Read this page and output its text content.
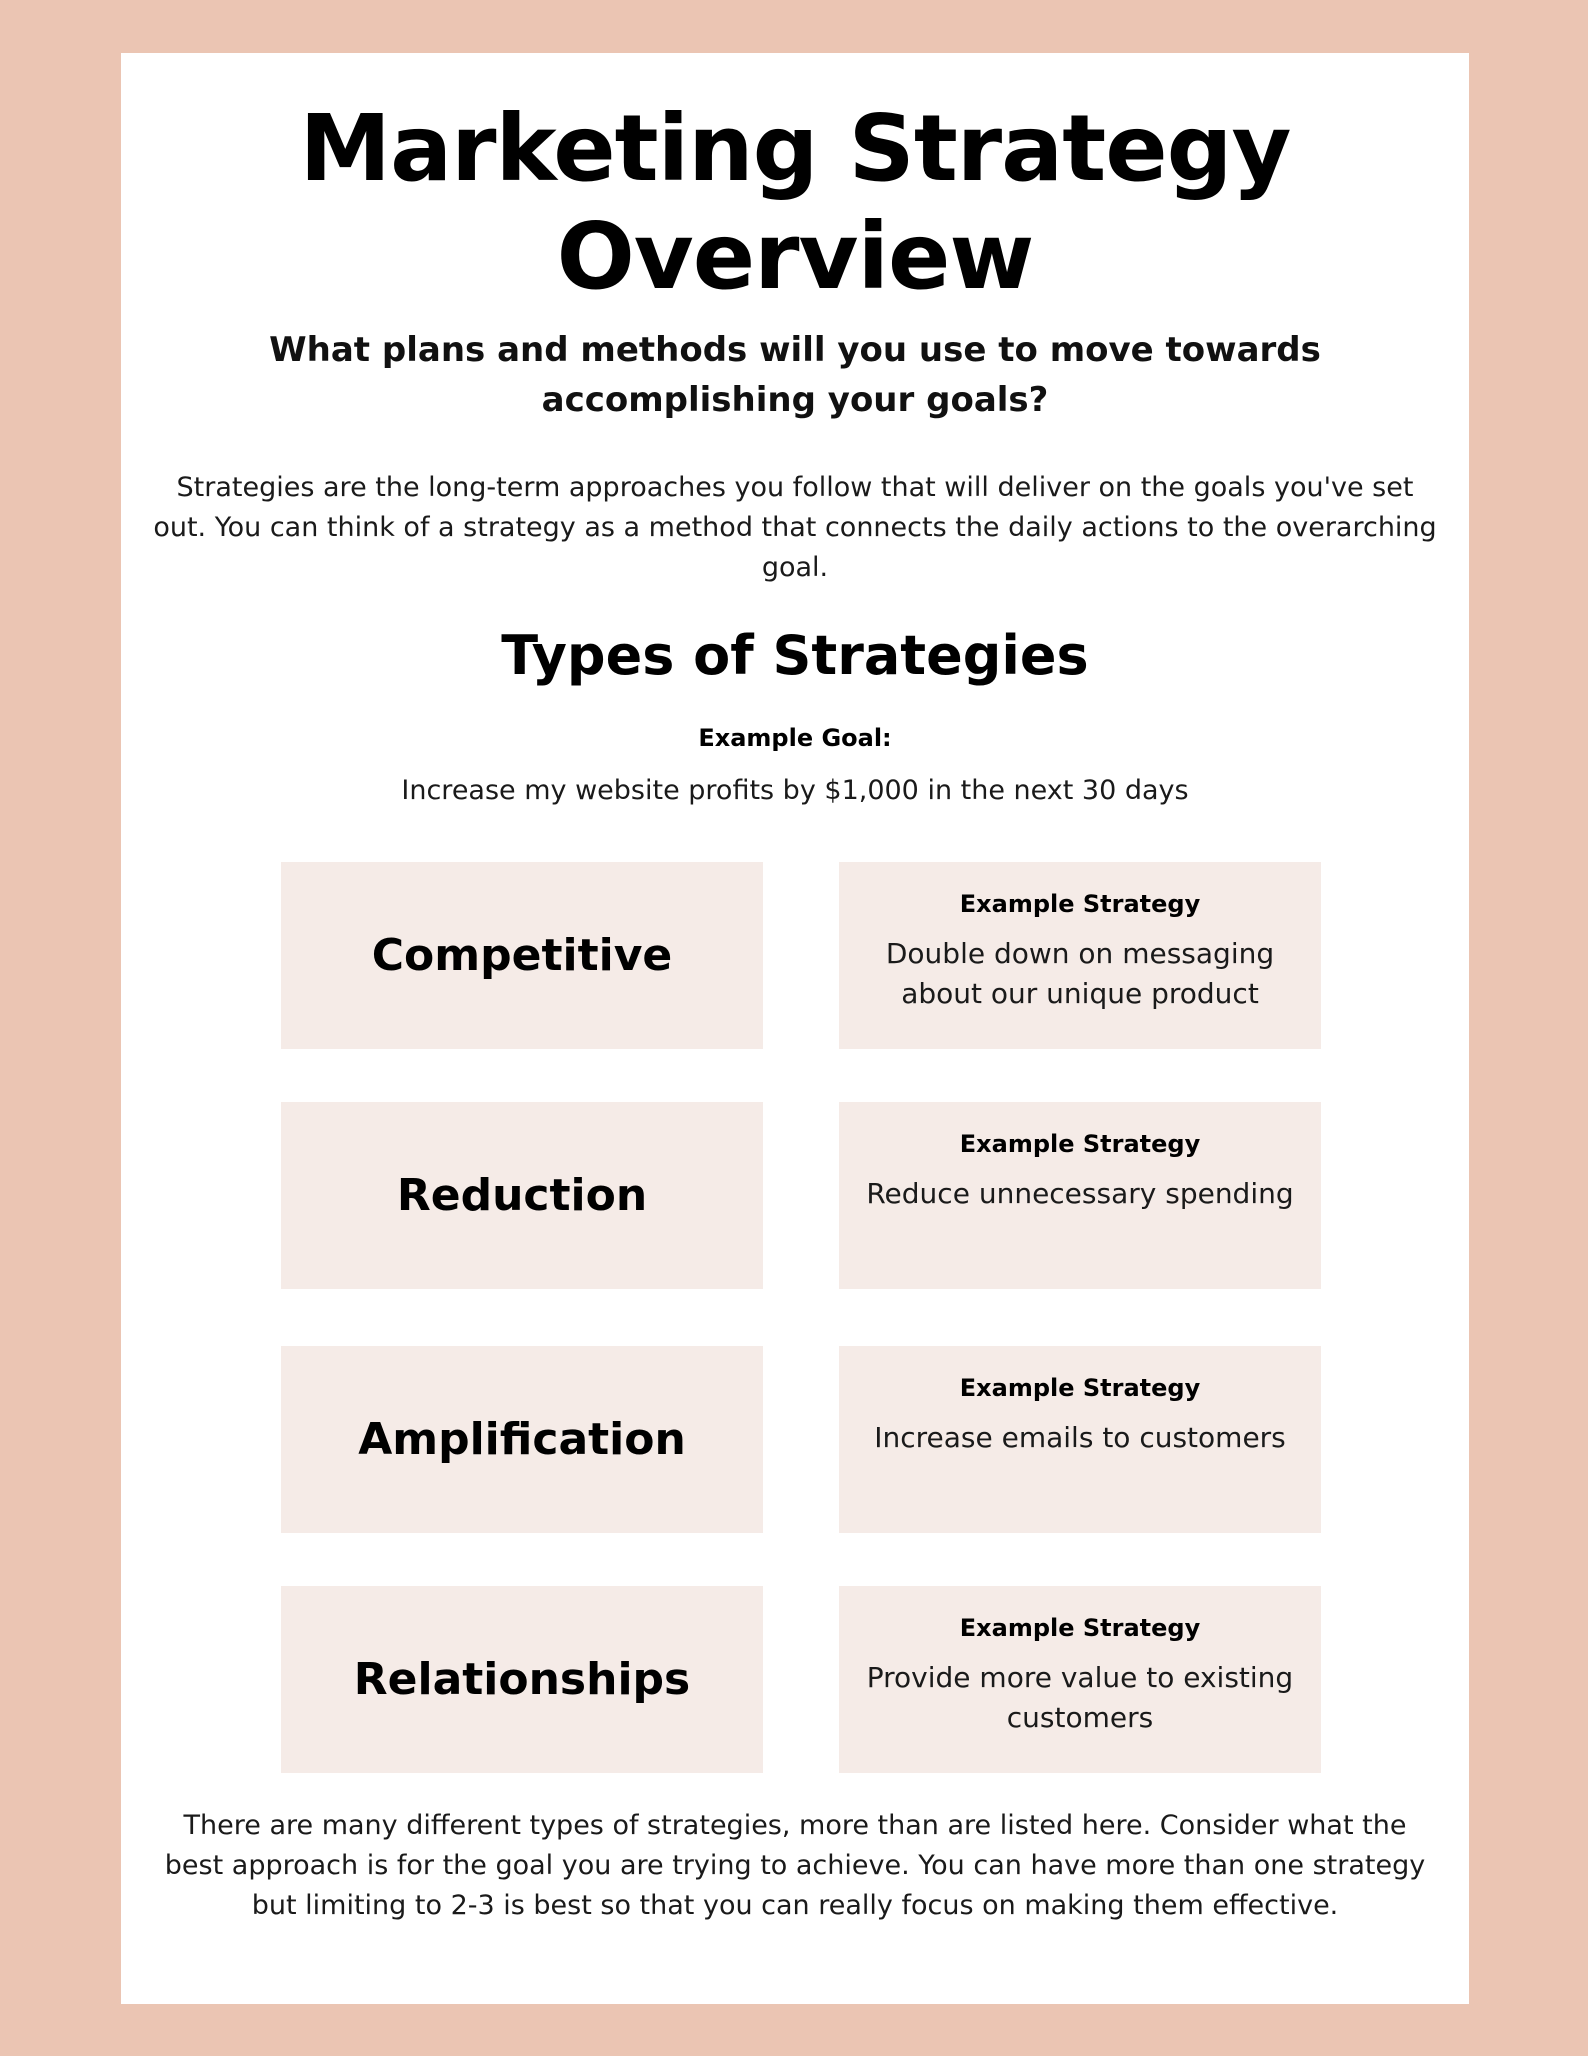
Marketing Strategy Overview
What plans and methods will you use to move towards accomplishing your goals?
Strategies are the long-term approaches you follow that will deliver on the goals you've set out. You can think of a strategy as a method that connects the daily actions to the overarching goal.
Types of Strategies
Example Goal:
Increase my website profits by $1,000 in the next 30 days
Competitive
Example Strategy
Double down on messaging about our unique product
Reduction
Example Strategy
Reduce unnecessary spending
Amplification
Example Strategy
Increase emails to customers
Relationships
Example Strategy
Provide more value to existing customers
There are many different types of strategies, more than are listed here. Consider what the best approach is for the goal you are trying to achieve. You can have more than one strategy but limiting to 2-3 is best so that you can really focus on making them effective.
